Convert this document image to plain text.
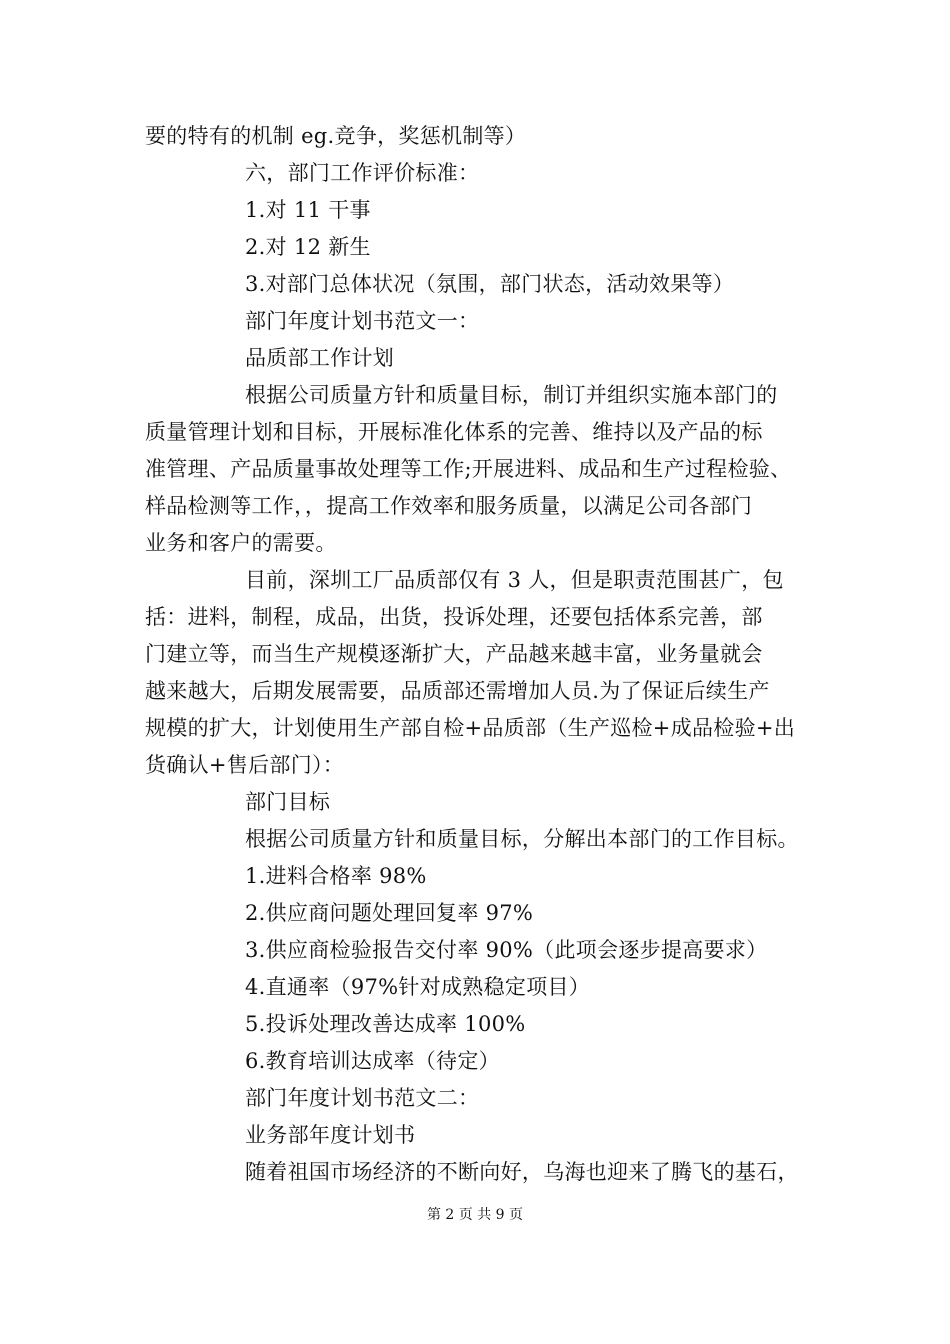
要的特有的机制 eg.竞争，奖惩机制等）
六，部门工作评价标准：
1.对 11 干事
2.对 12 新生
3.对部门总体状况（氛围，部门状态，活动效果等）
部门年度计划书范文一：
品质部工作计划
根据公司质量方针和质量目标，制订并组织实施本部门的
质量管理计划和目标，开展标准化体系的完善、维持以及产品的标
准管理、产品质量事故处理等工作;开展进料、成品和生产过程检验、
样品检测等工作，，提高工作效率和服务质量，以满足公司各部门
业务和客户的需要。
目前，深圳工厂品质部仅有 3 人，但是职责范围甚广，包
括：进料，制程，成品，出货，投诉处理，还要包括体系完善，部
门建立等，而当生产规模逐渐扩大，产品越来越丰富，业务量就会
越来越大，后期发展需要，品质部还需增加人员.为了保证后续生产
规模的扩大，计划使用生产部自检+品质部（生产巡检+成品检验+出
货确认+售后部门）：
部门目标
根据公司质量方针和质量目标，分解出本部门的工作目标。
1.进料合格率 98%
2.供应商问题处理回复率 97%
3.供应商检验报告交付率 90%（此项会逐步提高要求）
4.直通率（97%针对成熟稳定项目）
5.投诉处理改善达成率 100%
6.教育培训达成率（待定）
部门年度计划书范文二：
业务部年度计划书
随着祖国市场经济的不断向好，乌海也迎来了腾飞的基石，
第 2 页 共 9 页
